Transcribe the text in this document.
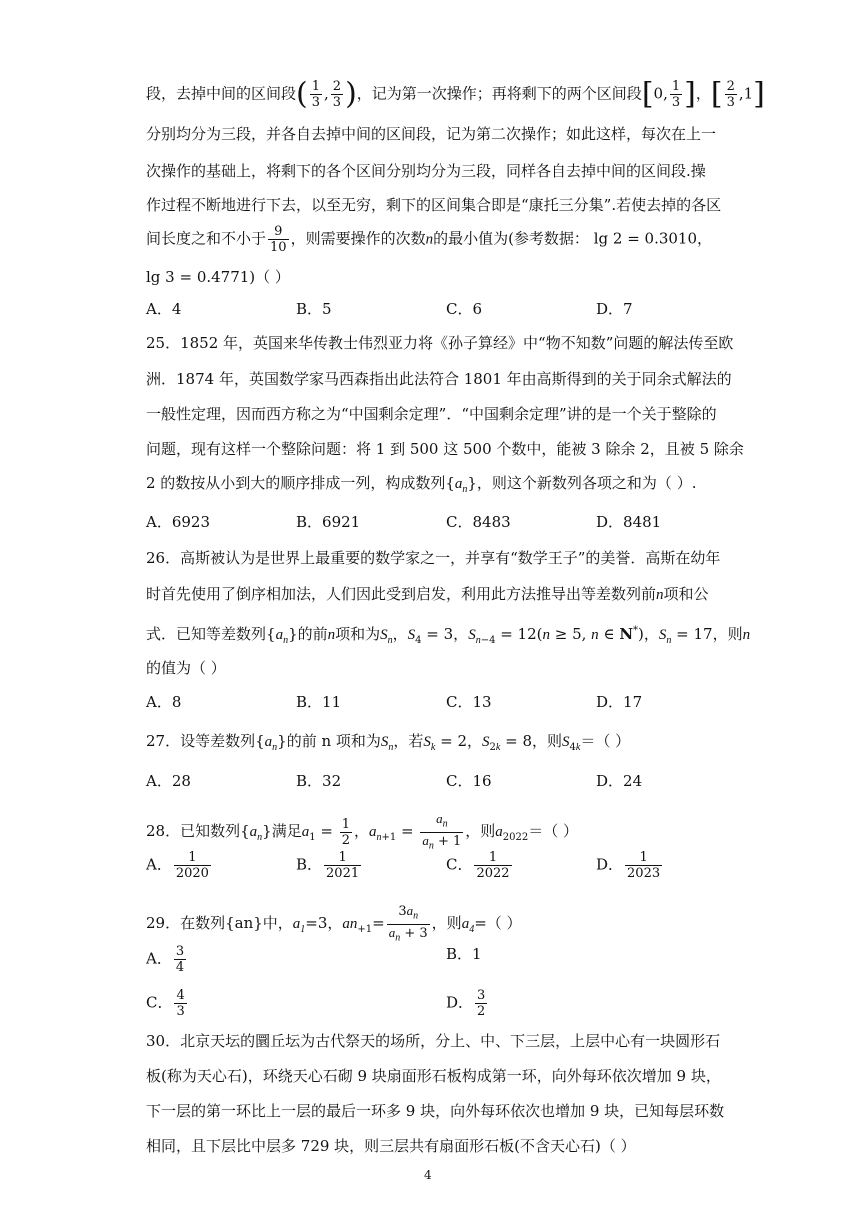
段，去掉中间的区间段( $\frac{1}{3}$ , $\frac{2}{3}$ )，记为第一次操作；再将剩下的两个区间段[0, $\frac{1}{3}$ ]，[ $\frac{2}{3} ,1$]
分别均分为三段，并各自去掉中间的区间段，记为第二次操作；如此这样，每次在上一
次操作的基础上，将剩下的各个区间分别均分为三段，同样各自去掉中间的区间段.操
作过程不断地进行下去，以至无穷，剩下的区间集合即是“康托三分集”.若使去掉的各区
间长度之和不小于 $\frac{9}{10}$ ，则需要操作的次数n的最小值为(参考数据： lg 2 = 0.3010，
lg 3 = 0.4771)（ ）
A．4	B．5	C．6	D．7
25．1852 年，英国来华传教士伟烈亚力将《孙子算经》中“物不知数”问题的解法传至欧
洲．1874 年，英国数学家马西森指出此法符合 1801 年由高斯得到的关于同余式解法的
一般性定理，因而西方称之为“中国剩余定理”．“中国剩余定理”讲的是一个关于整除的
问题，现有这样一个整除问题：将 1 到 500 这 500 个数中，能被 3 除余 2，且被 5 除余
2 的数按从小到大的顺序排成一列，构成数列$\{a_n\}$，则这个新数列各项之和为（ ）.
A．6923	B．6921	C．8483	D．8481
26．高斯被认为是世界上最重要的数学家之一，并享有“数学王子”的美誉．高斯在幼年
时首先使用了倒序相加法，人们因此受到启发，利用此方法推导出等差数列前n项和公
式．已知等差数列$\{a_n\}$的前n项和为$S_n$，$S_4 = 3$，$S_{n-4} = 12(n \ge 5$, n ∈ N*)，$S_n = 17$，则n
的值为（ ）
A．8	B．11	C．13	D．17
27．设等差数列$\{a_n\}$的前 n 项和为$S_n$，若$S_k = 2$，$S_{2k} = 8$，则$S_{4k}=$（ ）
A．28	B．32	C．16	D．24
28．已知数列$\{a_n\}$满足$a_1 = \frac{1}{2}$ ，$a_{n+1} = \frac{a_n}{a_n + 1}$ ，则$a_{2022}=$（ ）
A． $\frac{1}{2020}$	B． $\frac{1}{2021}$	C． $\frac{1}{2022}$	D． $\frac{1}{2023}$
29．在数列{an}中，$a_1=3$，$an_{+1}= \frac{3a_n}{a_n + 3}$ ，则$a_4=$（ ）
A． $\frac{3}{4}$	B．1
C． $\frac{4}{3}$	D． $\frac{3}{2}$
30．北京天坛的圜丘坛为古代祭天的场所，分上、中、下三层，上层中心有一块圆形石
板(称为天心石)，环绕天心石砌 9 块扇面形石板构成第一环，向外每环依次增加 9 块，
下一层的第一环比上一层的最后一环多 9 块，向外每环依次也增加 9 块，已知每层环数
相同，且下层比中层多 729 块，则三层共有扇面形石板(不含天心石)（ ）
4
